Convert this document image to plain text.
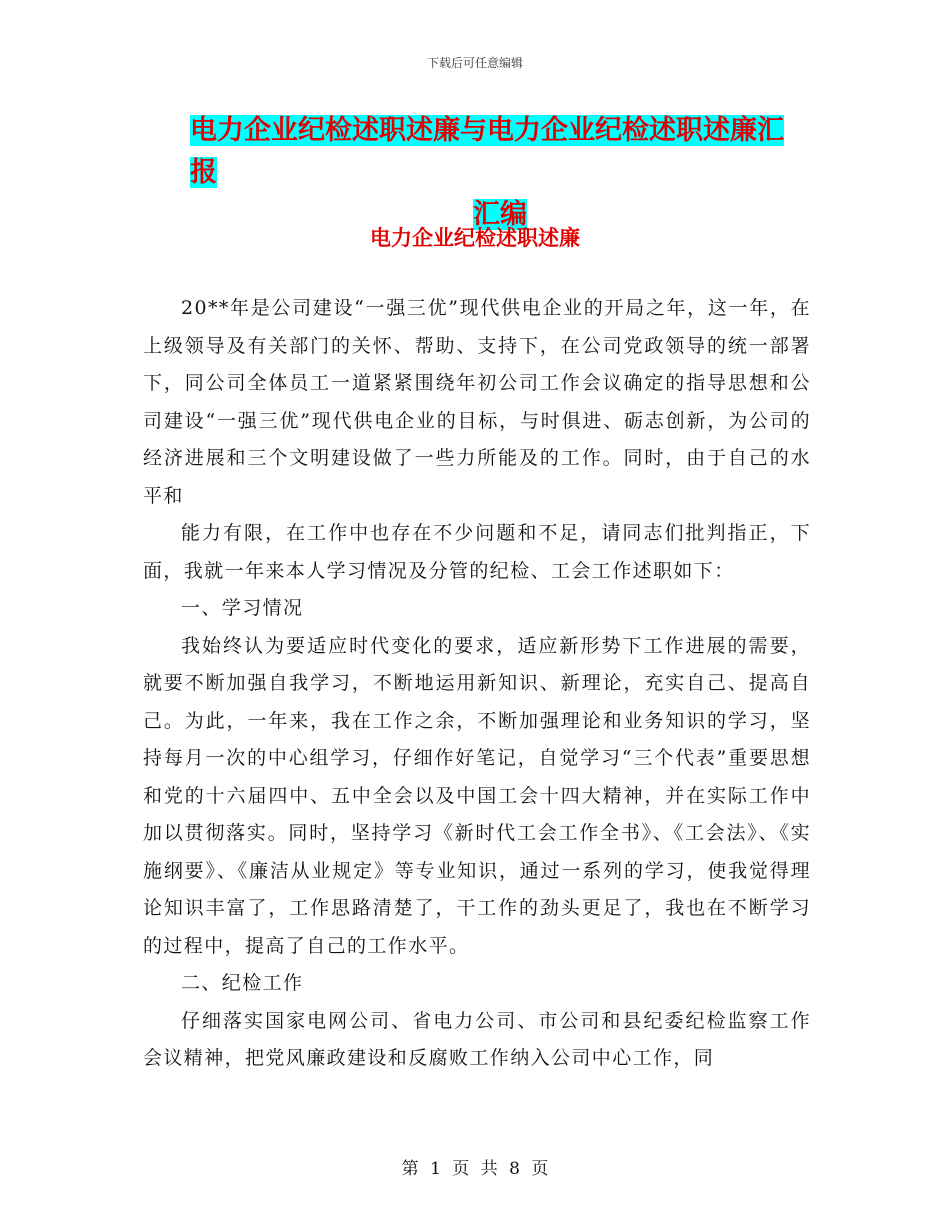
下载后可任意编辑
电力企业纪检述职述廉与电力企业纪检述职述廉汇报
汇编
电力企业纪检述职述廉

20**年是公司建设“一强三优”现代供电企业的开局之年，这一年，在上级领导及有关部门的关怀、帮助、支持下，在公司党政领导的统一部署下，同公司全体员工一道紧紧围绕年初公司工作会议确定的指导思想和公司建设“一强三优”现代供电企业的目标，与时俱进、砺志创新，为公司的经济进展和三个文明建设做了一些力所能及的工作。同时，由于自己的水平和

能力有限，在工作中也存在不少问题和不足，请同志们批判指正，下面，我就一年来本人学习情况及分管的纪检、工会工作述职如下：

一、学习情况

我始终认为要适应时代变化的要求，适应新形势下工作进展的需要，就要不断加强自我学习，不断地运用新知识、新理论，充实自己、提高自己。为此，一年来，我在工作之余，不断加强理论和业务知识的学习，坚持每月一次的中心组学习，仔细作好笔记，自觉学习“三个代表”重要思想和党的十六届四中、五中全会以及中国工会十四大精神，并在实际工作中加以贯彻落实。同时，坚持学习《新时代工会工作全书》、《工会法》、《实施纲要》、《廉洁从业规定》等专业知识，通过一系列的学习，使我觉得理论知识丰富了，工作思路清楚了，干工作的劲头更足了，我也在不断学习的过程中，提高了自己的工作水平。

二、纪检工作

仔细落实国家电网公司、省电力公司、市公司和县纪委纪检监察工作会议精神，把党风廉政建设和反腐败工作纳入公司中心工作，同

第 1 页 共 8 页
